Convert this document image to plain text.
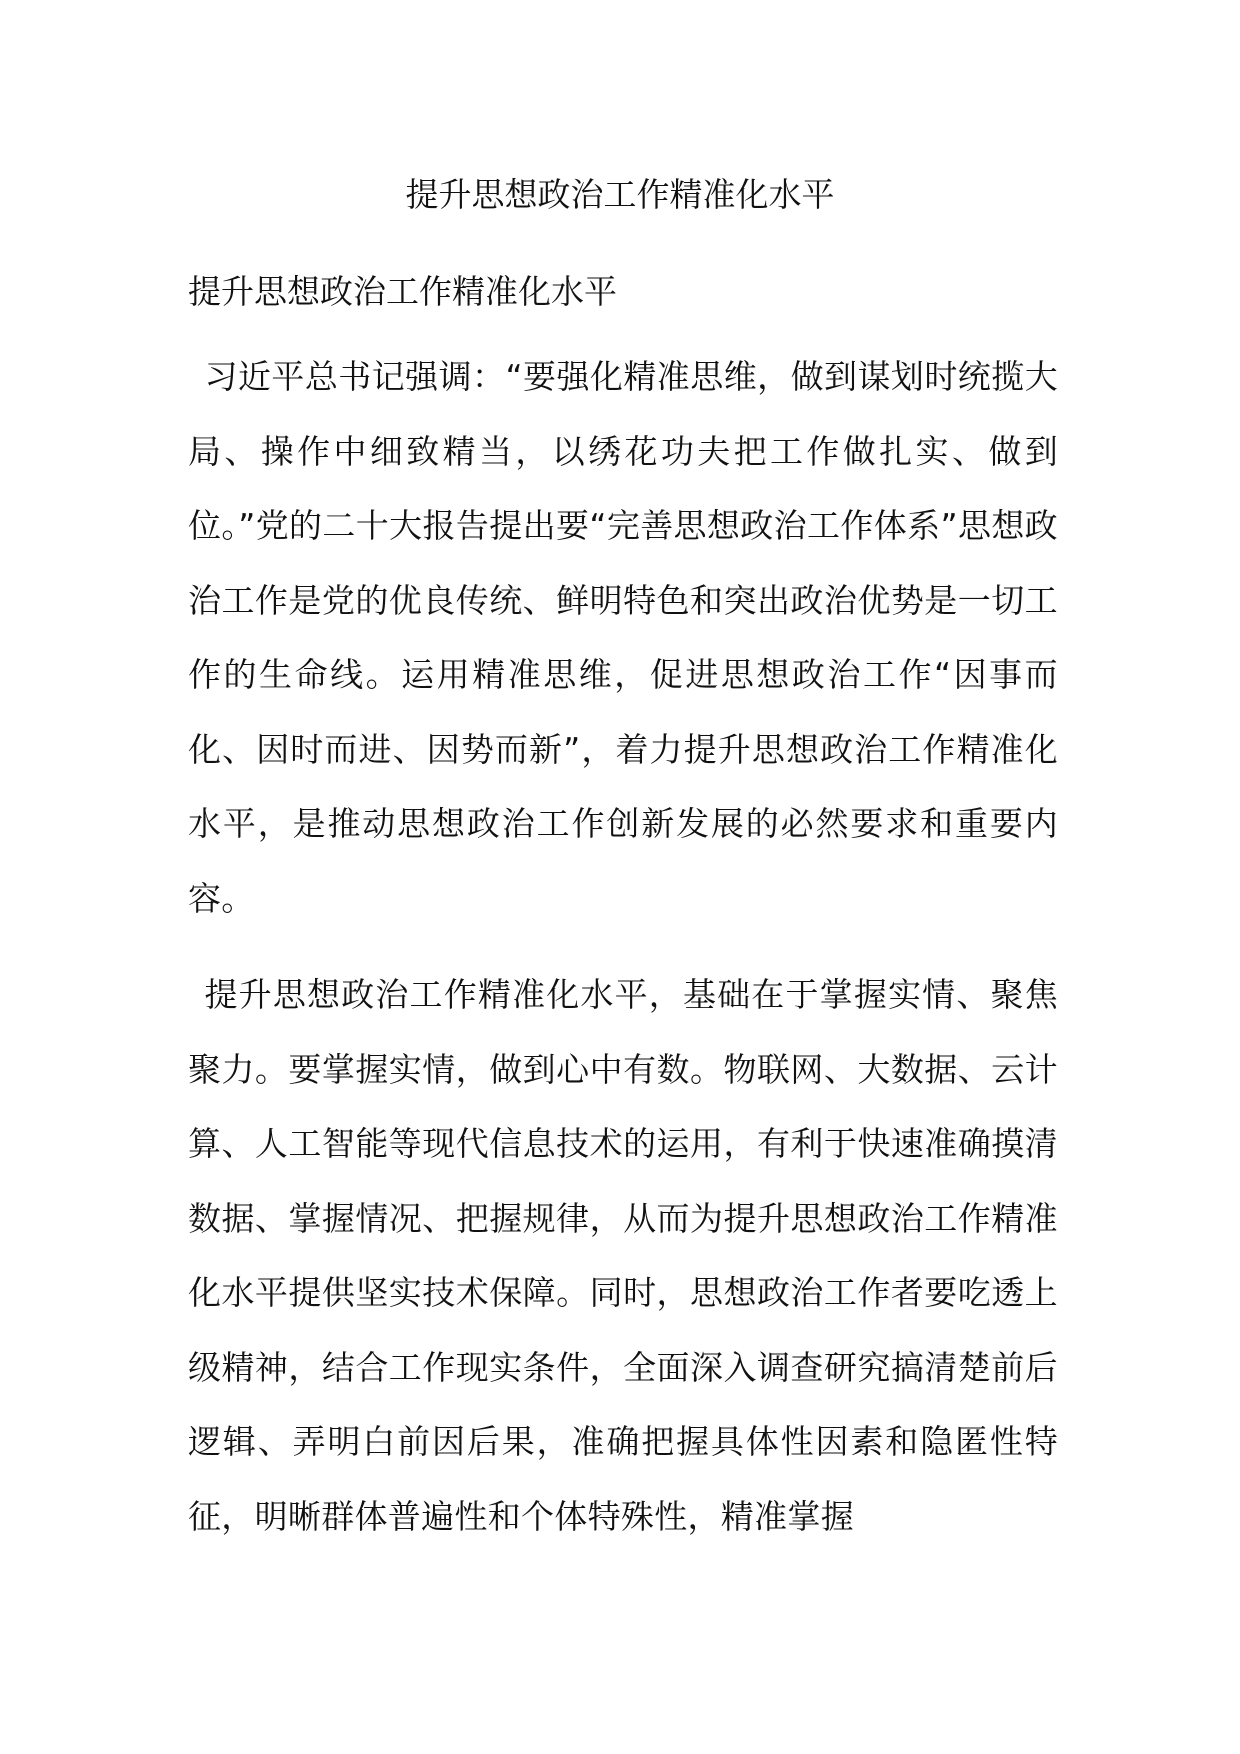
提升思想政治工作精准化水平
提升思想政治工作精准化水平

习近平总书记强调：“要强化精准思维，做到谋划时统揽大局、操作中细致精当，以绣花功夫把工作做扎实、做到位。”党的二十大报告提出要“完善思想政治工作体系”思想政治工作是党的优良传统、鲜明特色和突出政治优势是一切工作的生命线。运用精准思维，促进思想政治工作“因事而化、因时而进、因势而新”，着力提升思想政治工作精准化水平，是推动思想政治工作创新发展的必然要求和重要内容。

提升思想政治工作精准化水平，基础在于掌握实情、聚焦聚力。要掌握实情，做到心中有数。物联网、大数据、云计算、人工智能等现代信息技术的运用，有利于快速准确摸清数据、掌握情况、把握规律，从而为提升思想政治工作精准化水平提供坚实技术保障。同时，思想政治工作者要吃透上级精神，结合工作现实条件，全面深入调查研究搞清楚前后逻辑、弄明白前因后果，准确把握具体性因素和隐匿性特征，明晰群体普遍性和个体特殊性，精准掌握
